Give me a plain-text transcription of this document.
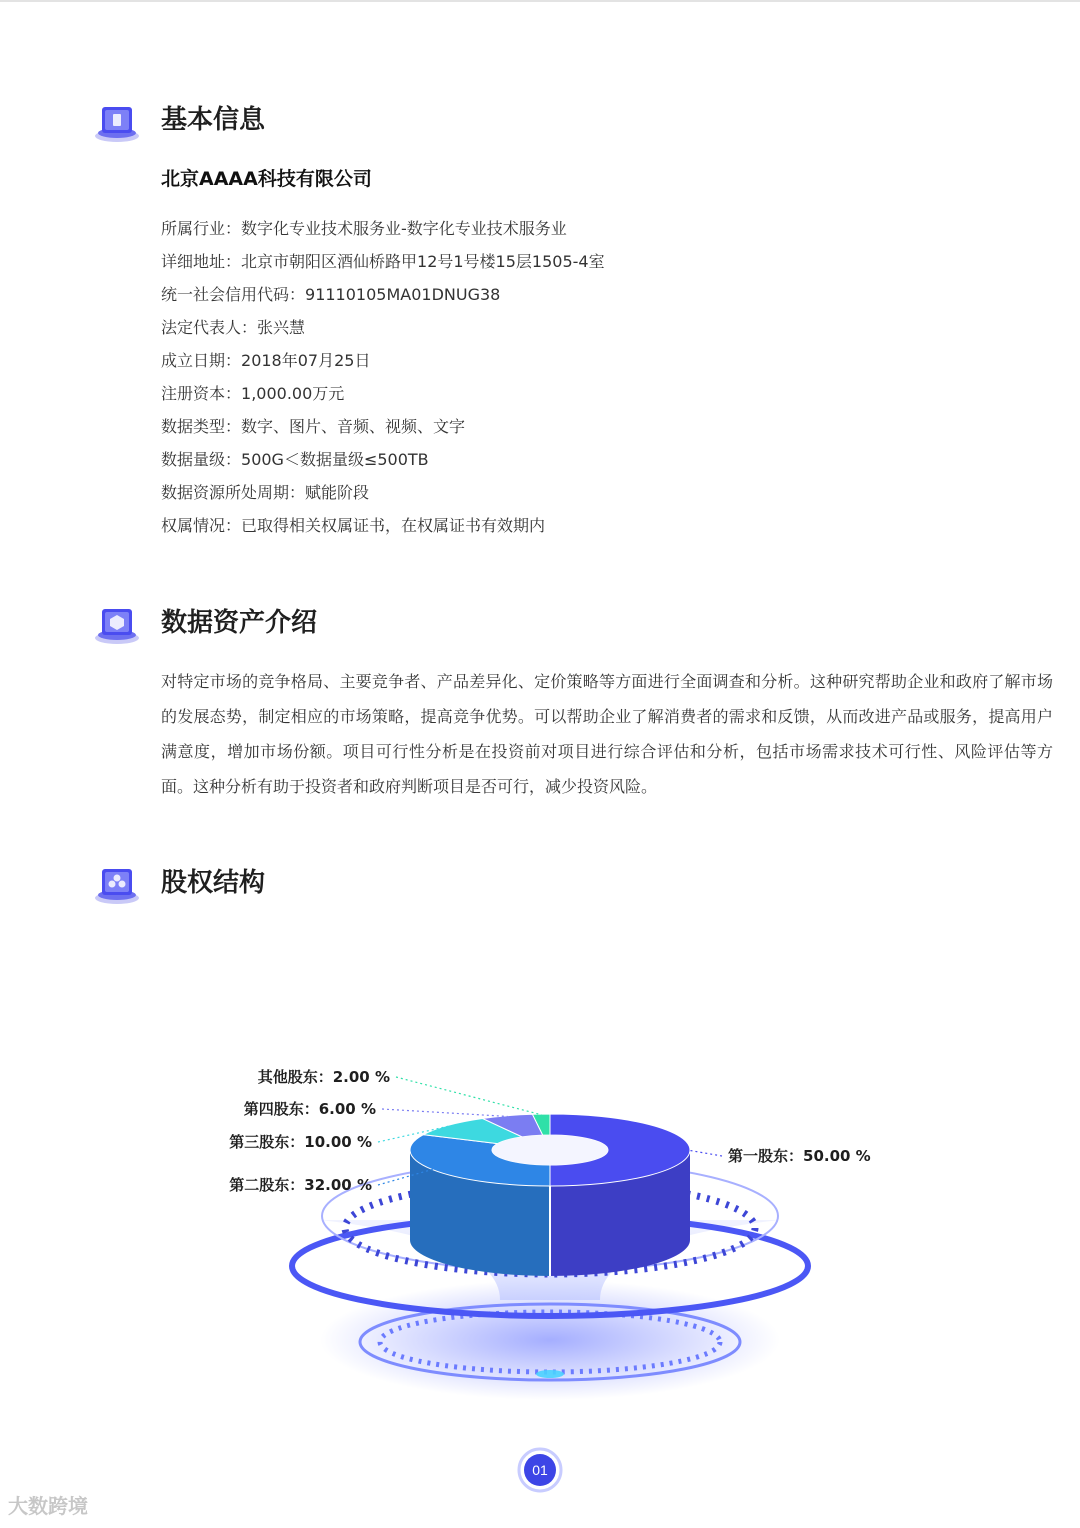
基本信息
北京AAAA科技有限公司
所属行业：数字化专业技术服务业-数字化专业技术服务业
详细地址：北京市朝阳区酒仙桥路甲12号1号楼15层1505-4室
统一社会信用代码：91110105MA01DNUG38
法定代表人：张兴慧
成立日期：2018年07月25日
注册资本：1,000.00万元
数据类型：数字、图片、音频、视频、文字
数据量级：500G＜数据量级≤500TB
数据资源所处周期：赋能阶段
权属情况：已取得相关权属证书，在权属证书有效期内
数据资产介绍

对特定市场的竞争格局、主要竞争者、产品差异化、定价策略等方面进行全面调查和分析。这种研究帮助企业和政府了解市场的发展态势，制定相应的市场策略，提高竞争优势。可以帮助企业了解消费者的需求和反馈，从而改进产品或服务，提高用户满意度，增加市场份额。项目可行性分析是在投资前对项目进行综合评估和分析，包括市场需求技术可行性、风险评估等方面。这种分析有助于投资者和政府判断项目是否可行，减少投资风险。

股权结构
第一股东：50.00 %
第二股东：32.00 %
第三股东：10.00 %
第四股东：6.00 %
其他股东：2.00 %
01
大数跨境
